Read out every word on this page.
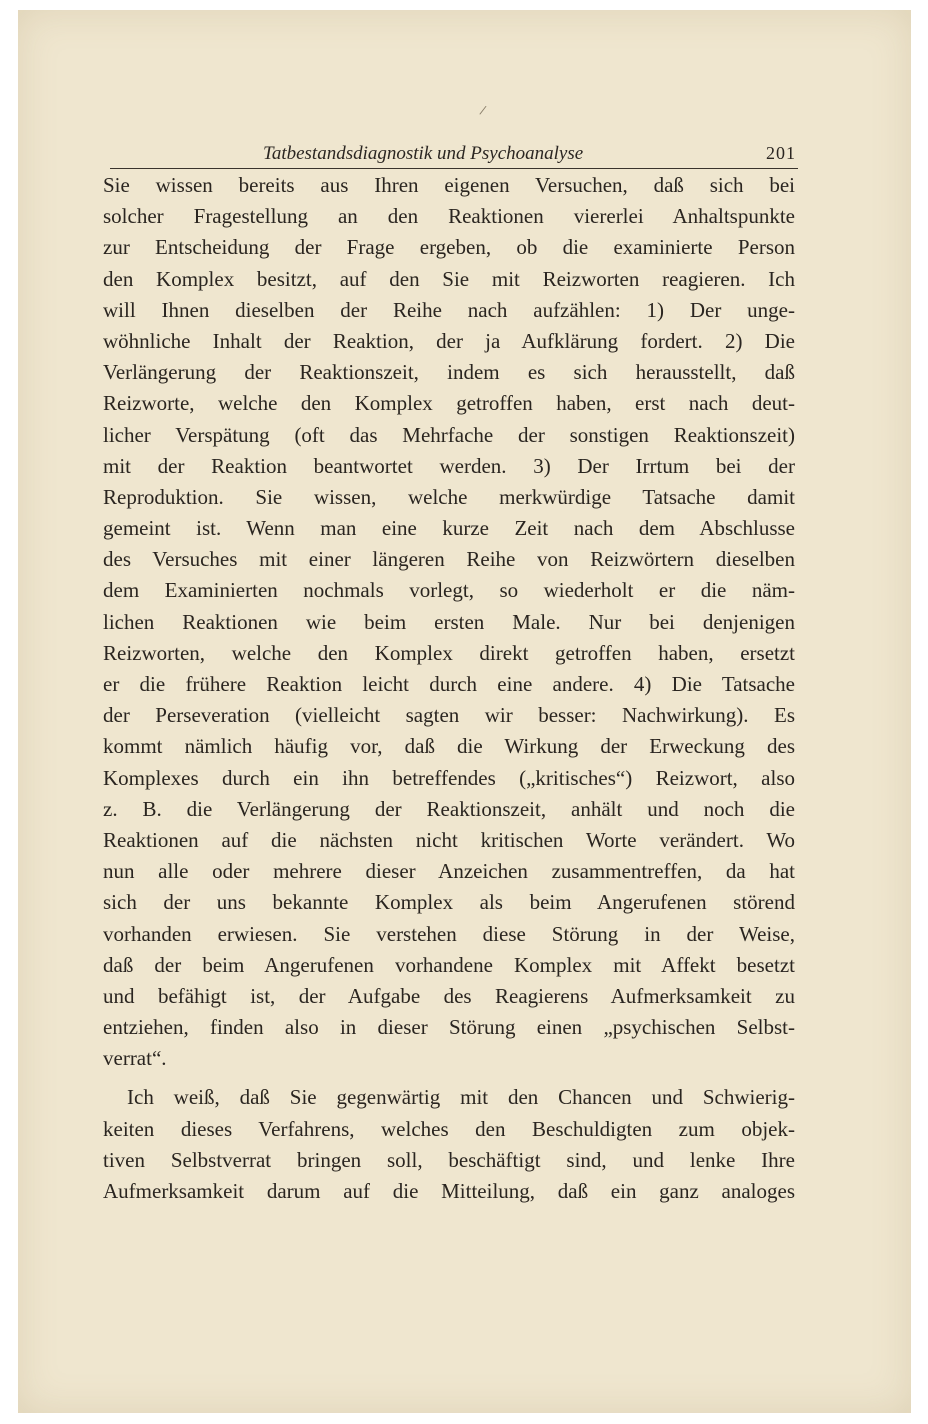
/
Tatbestandsdiagnostik und Psychoanalyse	201
Sie wissen bereits aus Ihren eigenen Versuchen, daß sich bei
solcher Fragestellung an den Reaktionen viererlei Anhaltspunkte
zur Entscheidung der Frage ergeben, ob die examinierte Person
den Komplex besitzt, auf den Sie mit Reizworten reagieren. Ich
will Ihnen dieselben der Reihe nach aufzählen: 1) Der unge-
wöhnliche Inhalt der Reaktion, der ja Aufklärung fordert. 2) Die
Verlängerung der Reaktionszeit, indem es sich herausstellt, daß
Reizworte, welche den Komplex getroffen haben, erst nach deut-
licher Verspätung (oft das Mehrfache der sonstigen Reaktionszeit)
mit der Reaktion beantwortet werden. 3) Der Irrtum bei der
Reproduktion. Sie wissen, welche merkwürdige Tatsache damit
gemeint ist. Wenn man eine kurze Zeit nach dem Abschlusse
des Versuches mit einer längeren Reihe von Reizwörtern dieselben
dem Examinierten nochmals vorlegt, so wiederholt er die näm-
lichen Reaktionen wie beim ersten Male. Nur bei denjenigen
Reizworten, welche den Komplex direkt getroffen haben, ersetzt
er die frühere Reaktion leicht durch eine andere. 4) Die Tatsache
der Perseveration (vielleicht sagten wir besser: Nachwirkung). Es
kommt nämlich häufig vor, daß die Wirkung der Erweckung des
Komplexes durch ein ihn betreffendes („kritisches“) Reizwort, also
z. B. die Verlängerung der Reaktionszeit, anhält und noch die
Reaktionen auf die nächsten nicht kritischen Worte verändert. Wo
nun alle oder mehrere dieser Anzeichen zusammentreffen, da hat
sich der uns bekannte Komplex als beim Angerufenen störend
vorhanden erwiesen. Sie verstehen diese Störung in der Weise,
daß der beim Angerufenen vorhandene Komplex mit Affekt besetzt
und befähigt ist, der Aufgabe des Reagierens Aufmerksamkeit zu
entziehen, finden also in dieser Störung einen „psychischen Selbst-
verrat“.
Ich weiß, daß Sie gegenwärtig mit den Chancen und Schwierig-
keiten dieses Verfahrens, welches den Beschuldigten zum objek-
tiven Selbstverrat bringen soll, beschäftigt sind, und lenke Ihre
Aufmerksamkeit darum auf die Mitteilung, daß ein ganz analoges
